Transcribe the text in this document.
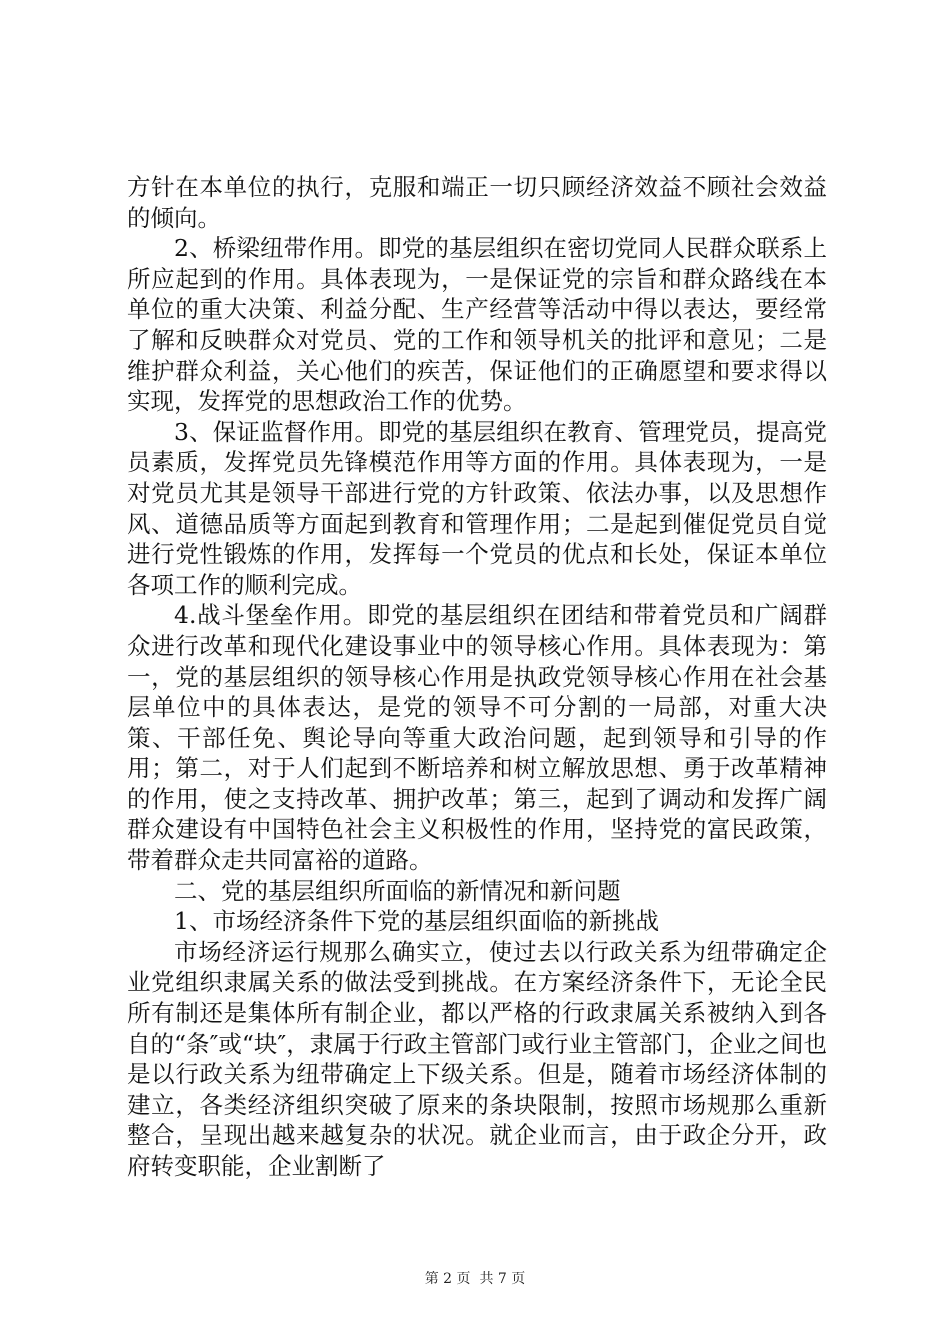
方针在本单位的执行，克服和端正一切只顾经济效益不顾社会效益的倾向。

2、桥梁纽带作用。即党的基层组织在密切党同人民群众联系上所应起到的作用。具体表现为，一是保证党的宗旨和群众路线在本单位的重大决策、利益分配、生产经营等活动中得以表达，要经常了解和反映群众对党员、党的工作和领导机关的批评和意见；二是维护群众利益，关心他们的疾苦，保证他们的正确愿望和要求得以实现，发挥党的思想政治工作的优势。

3、保证监督作用。即党的基层组织在教育、管理党员，提高党员素质，发挥党员先锋模范作用等方面的作用。具体表现为，一是对党员尤其是领导干部进行党的方针政策、依法办事，以及思想作风、道德品质等方面起到教育和管理作用；二是起到催促党员自觉进行党性锻炼的作用，发挥每一个党员的优点和长处，保证本单位各项工作的顺利完成。

4.战斗堡垒作用。即党的基层组织在团结和带着党员和广阔群众进行改革和现代化建设事业中的领导核心作用。具体表现为：第一，党的基层组织的领导核心作用是执政党领导核心作用在社会基层单位中的具体表达，是党的领导不可分割的一局部，对重大决策、干部任免、舆论导向等重大政治问题，起到领导和引导的作用；第二，对于人们起到不断培养和树立解放思想、勇于改革精神的作用，使之支持改革、拥护改革；第三，起到了调动和发挥广阔群众建设有中国特色社会主义积极性的作用，坚持党的富民政策，带着群众走共同富裕的道路。

二、党的基层组织所面临的新情况和新问题

1、市场经济条件下党的基层组织面临的新挑战

市场经济运行规那么确实立，使过去以行政关系为纽带确定企业党组织隶属关系的做法受到挑战。在方案经济条件下，无论全民所有制还是集体所有制企业，都以严格的行政隶属关系被纳入到各自的“条″或“块″，隶属于行政主管部门或行业主管部门，企业之间也是以行政关系为纽带确定上下级关系。但是，随着市场经济体制的建立，各类经济组织突破了原来的条块限制，按照市场规那么重新整合，呈现出越来越复杂的状况。就企业而言，由于政企分开，政府转变职能，企业割断了

第 2 页 共 7 页
